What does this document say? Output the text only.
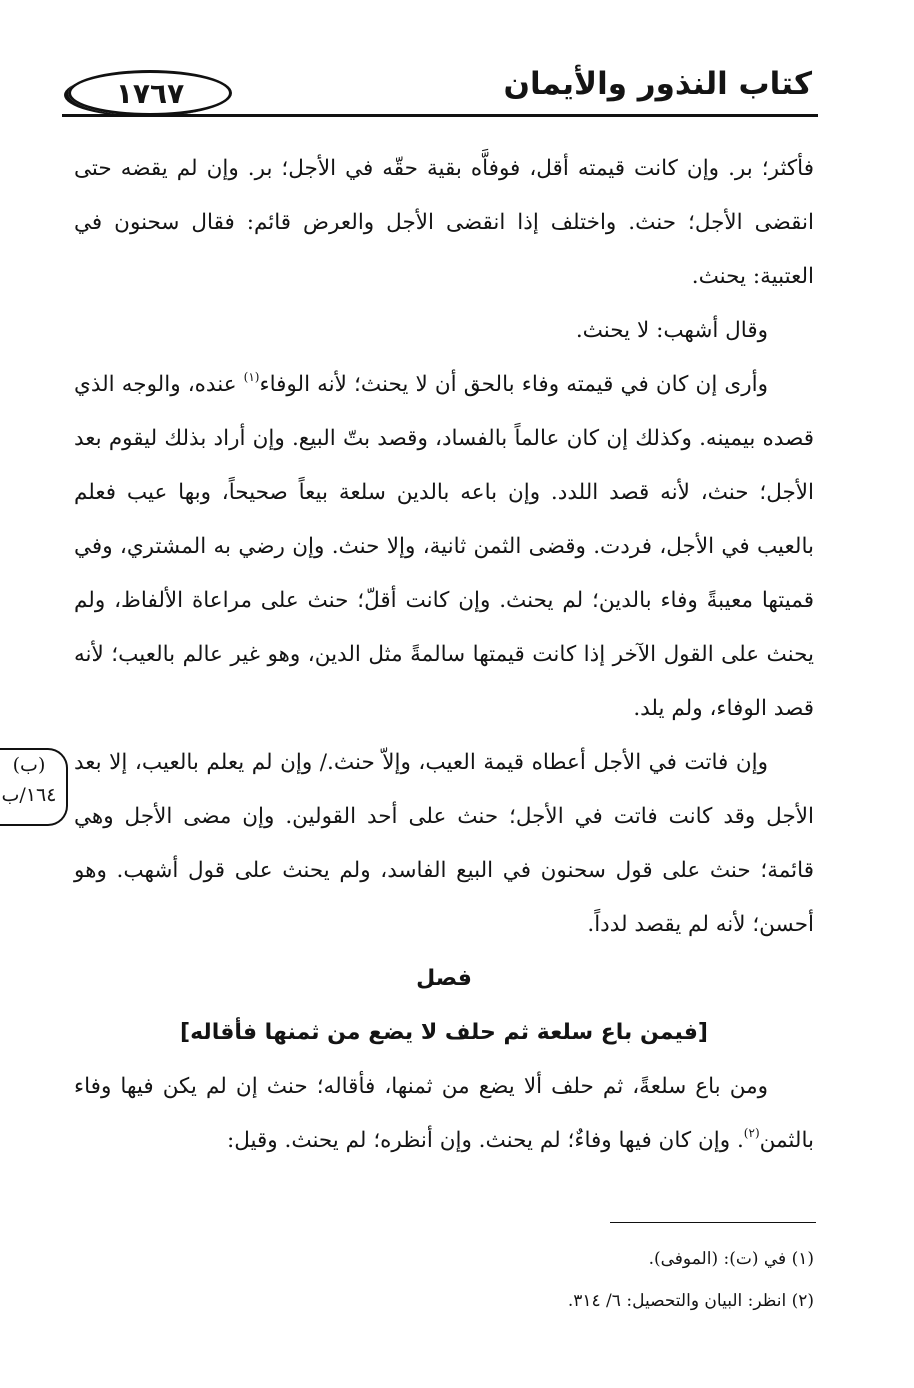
١٧٦٧	كتاب النذور والأيمان
(ب)
١٦٤/ب

فأكثر؛ بر. وإن كانت قيمته أقل، فوفاَّه بقية حقّه في الأجل؛ بر. وإن لم يقضه حتى انقضى الأجل؛ حنث. واختلف إذا انقضى الأجل والعرض قائم: فقال سحنون في العتبية: يحنث.

وقال أشهب: لا يحنث.

وأرى إن كان في قيمته وفاء بالحق أن لا يحنث؛ لأنه الوفاء$^{(١)}$ عنده، والوجه الذي قصده بيمينه. وكذلك إن كان عالماً بالفساد، وقصد بتّ البيع. وإن أراد بذلك ليقوم بعد الأجل؛ حنث، لأنه قصد اللدد. وإن باعه بالدين سلعة بيعاً صحيحاً، وبها عيب فعلم بالعيب في الأجل، فردت. وقضى الثمن ثانية، وإلا حنث. وإن رضي به المشتري، وفي قميتها معيبةً وفاء بالدين؛ لم يحنث. وإن كانت أقلّ؛ حنث على مراعاة الألفاظ، ولم يحنث على القول الآخر إذا كانت قيمتها سالمةً مثل الدين، وهو غير عالم بالعيب؛ لأنه قصد الوفاء، ولم يلد.

وإن فاتت في الأجل أعطاه قيمة العيب، وإلاّ حنث./ وإن لم يعلم بالعيب، إلا بعد الأجل وقد كانت فاتت في الأجل؛ حنث على أحد القولين. وإن مضى الأجل وهي قائمة؛ حنث على قول سحنون في البيع الفاسد، ولم يحنث على قول أشهب. وهو أحسن؛ لأنه لم يقصد لدداً.

فصل

[فيمن باع سلعة ثم حلف لا يضع من ثمنها فأقاله]

ومن باع سلعةً، ثم حلف ألا يضع من ثمنها، فأقاله؛ حنث إن لم يكن فيها وفاء بالثمن$^{(٢)}$. وإن كان فيها وفاءٌ؛ لم يحنث. وإن أنظره؛ لم يحنث. وقيل:

(١) في (ت): (الموفى).

(٢) انظر: البيان والتحصيل: ٦/ ٣١٤.
